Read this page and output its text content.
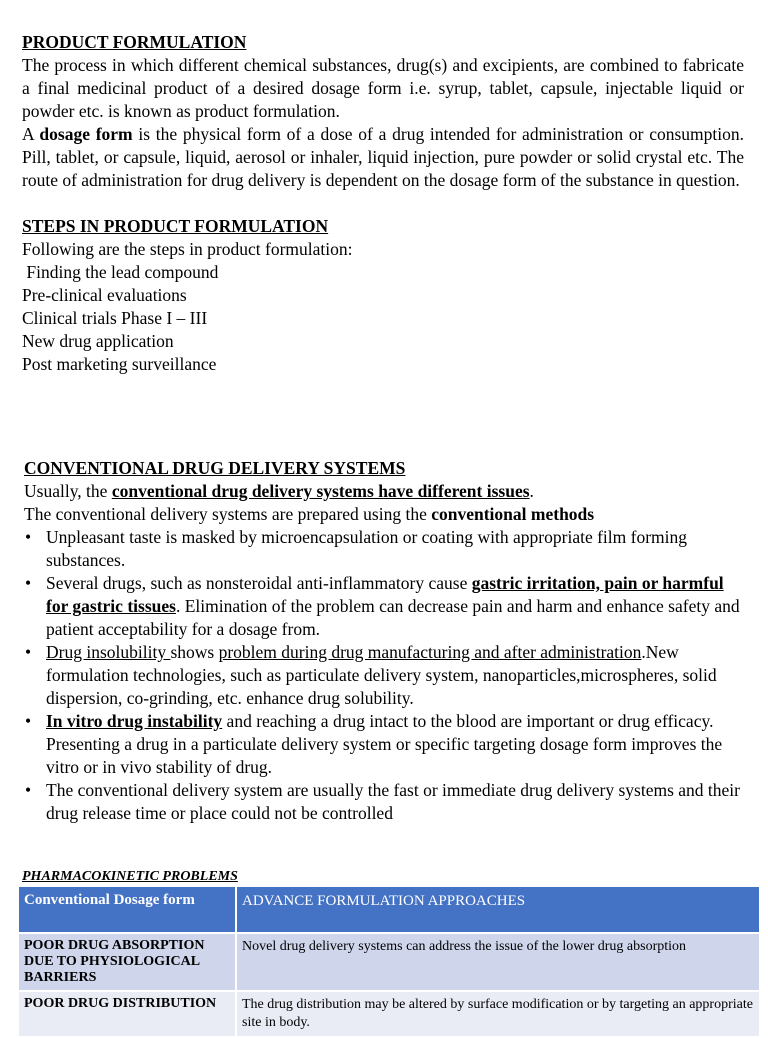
PRODUCT FORMULATION

The process in which different chemical substances, drug(s) and excipients, are combined to fabricate a final medicinal product of a desired dosage form i.e. syrup, tablet, capsule, injectable liquid or powder etc. is known as product formulation.

A dosage form is the physical form of a dose of a drug intended for administration or consumption. Pill, tablet, or capsule, liquid, aerosol or inhaler, liquid injection, pure powder or solid crystal etc. The route of administration for drug delivery is dependent on the dosage form of the substance in question.

STEPS IN PRODUCT FORMULATION

Following are the steps in product formulation:

Finding the lead compound

Pre-clinical evaluations

Clinical trials Phase I – III

New drug application

Post marketing surveillance

CONVENTIONAL DRUG DELIVERY SYSTEMS

Usually, the conventional drug delivery systems have different issues.

The conventional delivery systems are prepared using the conventional methods

• Unpleasant taste is masked by microencapsulation or coating with appropriate film forming substances.
• Several drugs, such as nonsteroidal anti-inflammatory cause gastric irritation, pain or harmful for gastric tissues. Elimination of the problem can decrease pain and harm and enhance safety and patient acceptability for a dosage from.
• Drug insolubility shows problem during drug manufacturing and after administration.New formulation technologies, such as particulate delivery system, nanoparticles,microspheres, solid dispersion, co-grinding, etc. enhance drug solubility.
• In vitro drug instability and reaching a drug intact to the blood are important or drug efficacy. Presenting a drug in a particulate delivery system or specific targeting dosage form improves the vitro or in vivo stability of drug.
• The conventional delivery system are usually the fast or immediate drug delivery systems and their drug release time or place could not be controlled

PHARMACOKINETIC PROBLEMS

Conventional Dosage form	ADVANCE FORMULATION APPROACHES
POOR DRUG ABSORPTION DUE TO PHYSIOLOGICAL BARRIERS	Novel drug delivery systems can address the issue of the lower drug absorption
POOR DRUG DISTRIBUTION	The drug distribution may be altered by surface modification or by targeting an appropriate site in body.
